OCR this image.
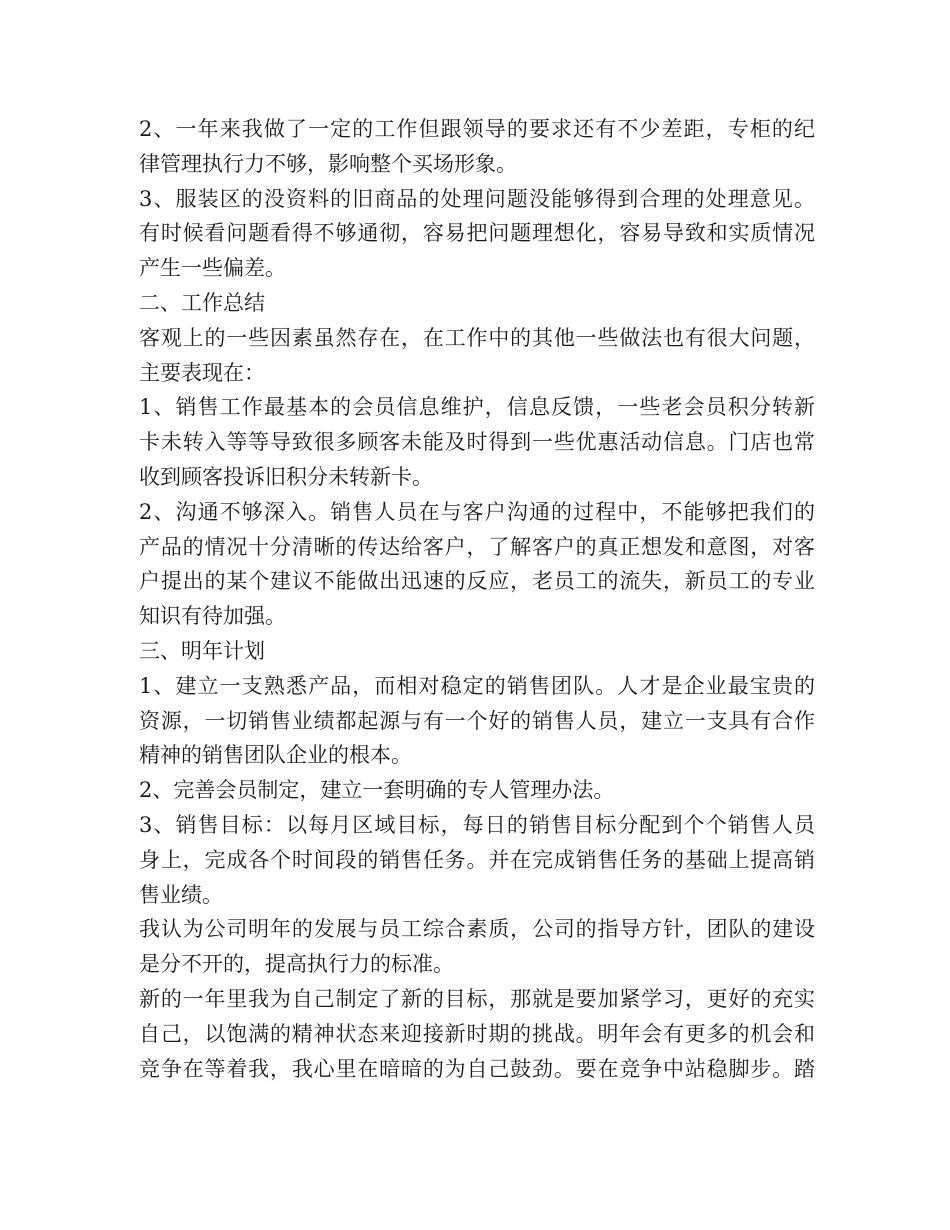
2、一年来我做了一定的工作但跟领导的要求还有不少差距，专柜的纪
律管理执行力不够，影响整个买场形象。
3、服装区的没资料的旧商品的处理问题没能够得到合理的处理意见。
有时候看问题看得不够通彻，容易把问题理想化，容易导致和实质情况
产生一些偏差。
二、工作总结
客观上的一些因素虽然存在，在工作中的其他一些做法也有很大问题，
主要表现在：
1、销售工作最基本的会员信息维护，信息反馈，一些老会员积分转新
卡未转入等等导致很多顾客未能及时得到一些优惠活动信息。门店也常
收到顾客投诉旧积分未转新卡。
2、沟通不够深入。销售人员在与客户沟通的过程中，不能够把我们的
产品的情况十分清晰的传达给客户，了解客户的真正想发和意图，对客
户提出的某个建议不能做出迅速的反应，老员工的流失，新员工的专业
知识有待加强。
三、明年计划
1、建立一支熟悉产品，而相对稳定的销售团队。人才是企业最宝贵的
资源，一切销售业绩都起源与有一个好的销售人员，建立一支具有合作
精神的销售团队企业的根本。
2、完善会员制定，建立一套明确的专人管理办法。
3、销售目标：以每月区域目标，每日的销售目标分配到个个销售人员
身上，完成各个时间段的销售任务。并在完成销售任务的基础上提高销
售业绩。
我认为公司明年的发展与员工综合素质，公司的指导方针，团队的建设
是分不开的，提高执行力的标准。
新的一年里我为自己制定了新的目标，那就是要加紧学习，更好的充实
自己，以饱满的精神状态来迎接新时期的挑战。明年会有更多的机会和
竞争在等着我，我心里在暗暗的为自己鼓劲。要在竞争中站稳脚步。踏
